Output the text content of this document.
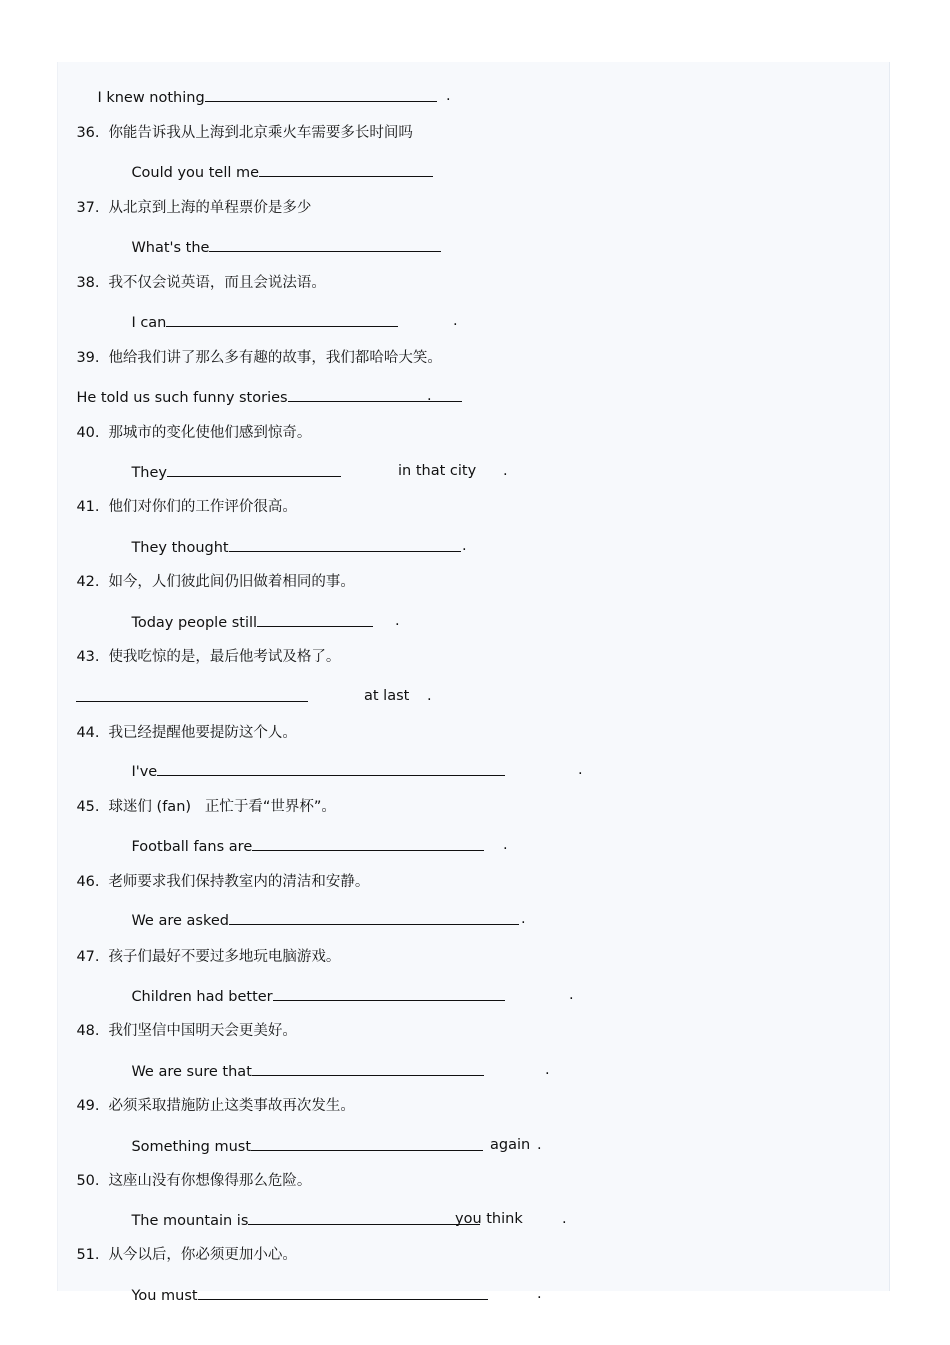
I knew nothing	.

36. 你能告诉我从上海到北京乘火车需要多长时间吗

Could you tell me

37. 从北京到上海的单程票价是多少

What's the

38. 我不仅会说英语，而且会说法语。

I can	.

39. 他给我们讲了那么多有趣的故事，我们都哈哈大笑。

He told us such funny stories	.

40. 那城市的变化使他们感到惊奇。

They	in that city .

41. 他们对你们的工作评价很高。

They thought	.

42. 如今，人们彼此间仍旧做着相同的事。

Today people still	.

43. 使我吃惊的是，最后他考试及格了。

at last .

44. 我已经提醒他要提防这个人。

I've	.

45. 球迷们 (fan)   正忙于看“世界杯”。

Football fans are	.

46. 老师要求我们保持教室内的清洁和安静。

We are asked	.

47. 孩子们最好不要过多地玩电脑游戏。

Children had better	.

48. 我们坚信中国明天会更美好。

We are sure that	.

49. 必须采取措施防止这类事故再次发生。

Something must	again .

50. 这座山没有你想像得那么危险。

The mountain is	you think	.

51. 从今以后，你必须更加小心。

You must	.
